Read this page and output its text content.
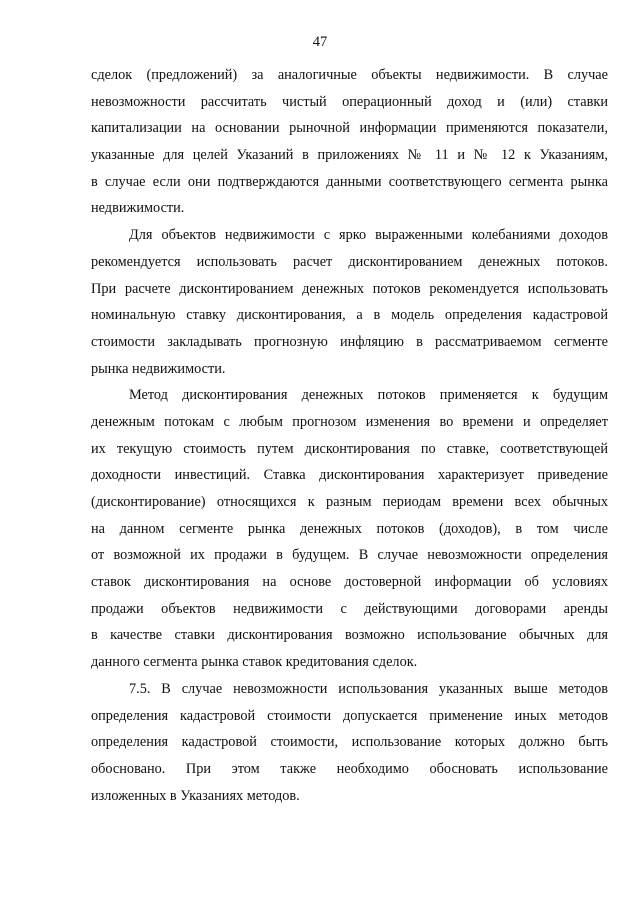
47
сделок (предложений) за аналогичные объекты недвижимости. В случае
невозможности рассчитать чистый операционный доход и (или) ставки
капитализации на основании рыночной информации применяются показатели,
указанные для целей Указаний в приложениях № 11 и № 12 к Указаниям,
в случае если они подтверждаются данными соответствующего сегмента рынка
недвижимости.
Для объектов недвижимости с ярко выраженными колебаниями доходов
рекомендуется использовать расчет дисконтированием денежных потоков.
При расчете дисконтированием денежных потоков рекомендуется использовать
номинальную ставку дисконтирования, а в модель определения кадастровой
стоимости закладывать прогнозную инфляцию в рассматриваемом сегменте
рынка недвижимости.
Метод дисконтирования денежных потоков применяется к будущим
денежным потокам с любым прогнозом изменения во времени и определяет
их текущую стоимость путем дисконтирования по ставке, соответствующей
доходности инвестиций. Ставка дисконтирования характеризует приведение
(дисконтирование) относящихся к разным периодам времени всех обычных
на данном сегменте рынка денежных потоков (доходов), в том числе
от возможной их продажи в будущем. В случае невозможности определения
ставок дисконтирования на основе достоверной информации об условиях
продажи объектов недвижимости с действующими договорами аренды
в качестве ставки дисконтирования возможно использование обычных для
данного сегмента рынка ставок кредитования сделок.
7.5. В случае невозможности использования указанных выше методов
определения кадастровой стоимости допускается применение иных методов
определения кадастровой стоимости, использование которых должно быть
обосновано. При этом также необходимо обосновать использование
изложенных в Указаниях методов.
